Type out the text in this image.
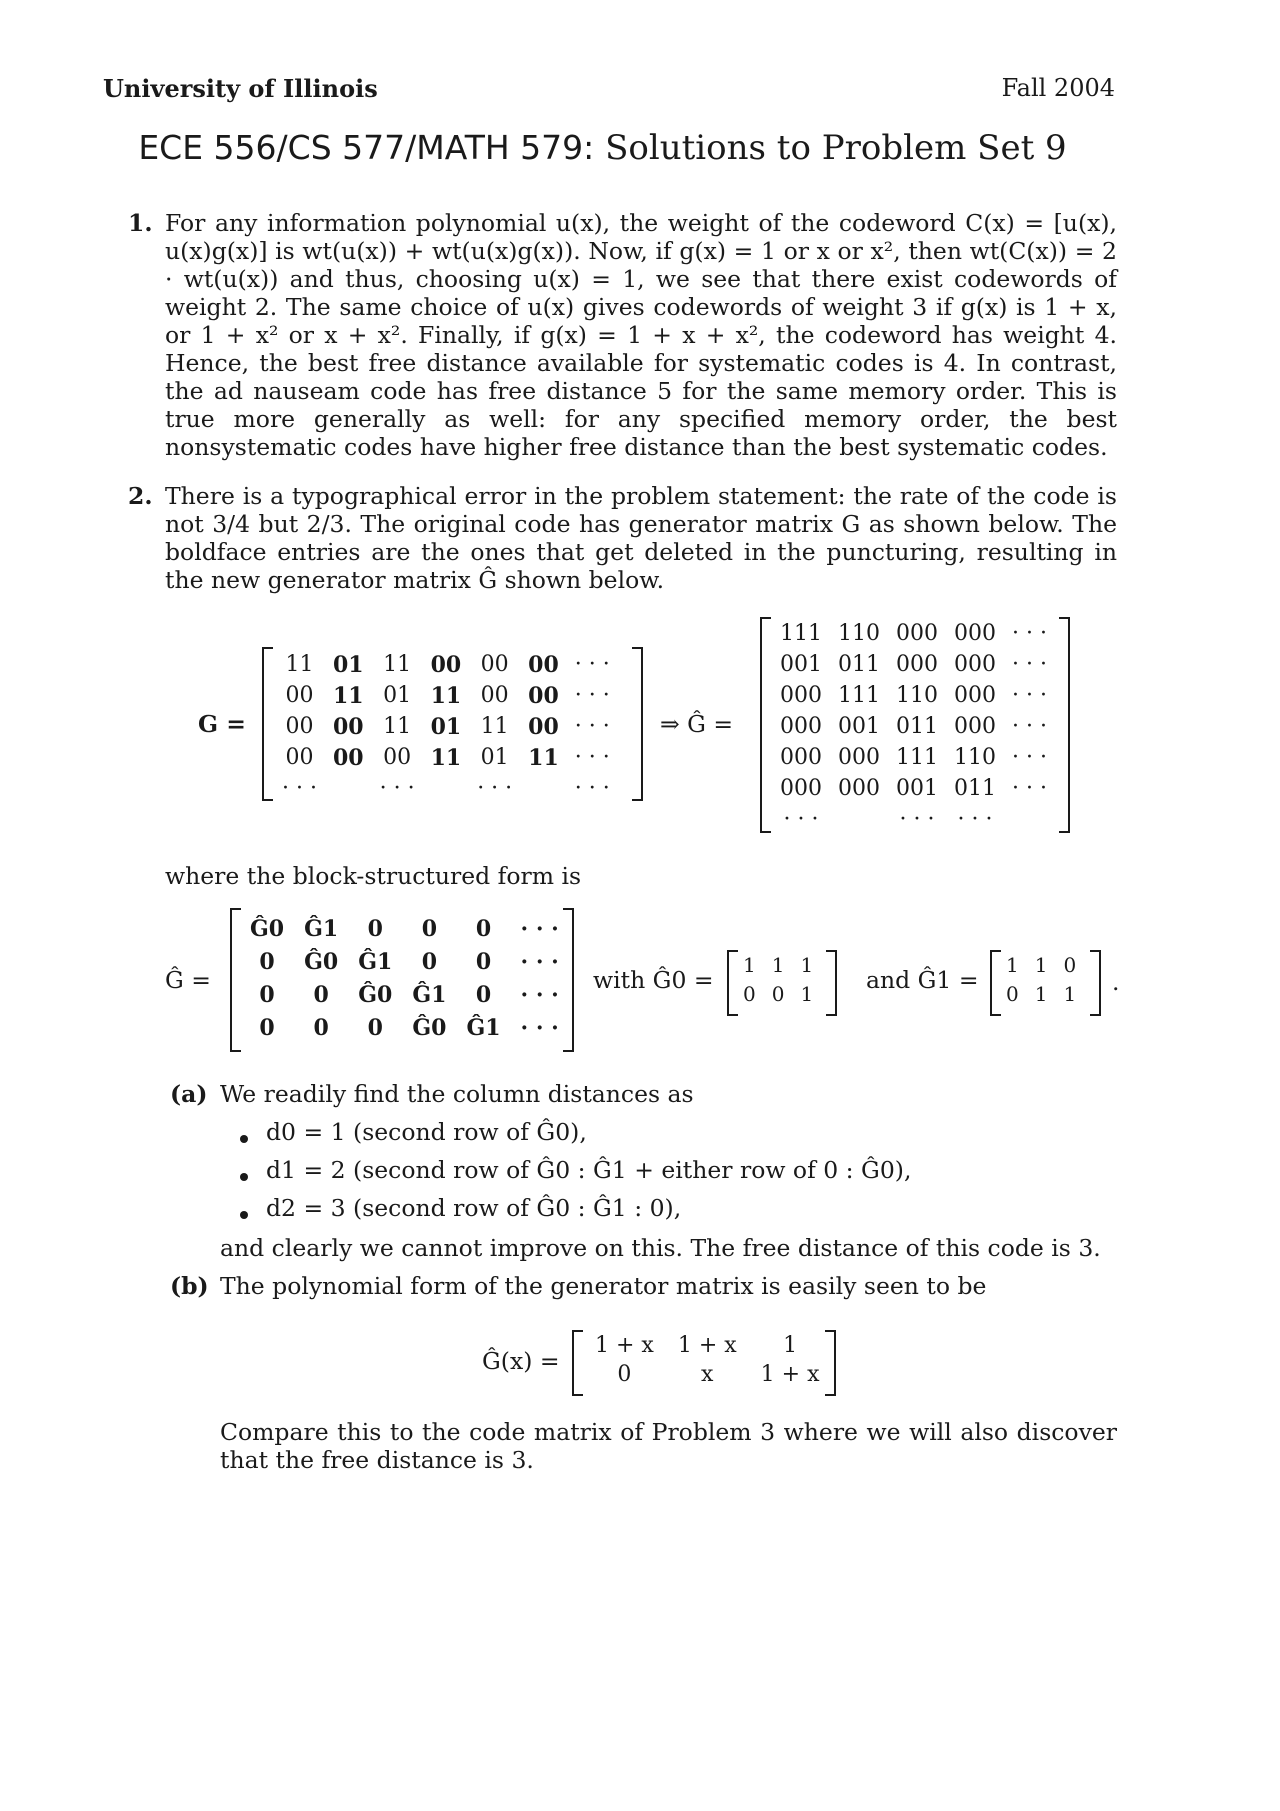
University of Illinois	Fall 2004
ECE 556/CS 577/MATH 579: Solutions to Problem Set 9
1. For any information polynomial u(x), the weight of the codeword C(x) = [u(x), u(x)g(x)] is wt(u(x)) + wt(u(x)g(x)). Now, if g(x) = 1 or x or x², then wt(C(x)) = 2 · wt(u(x)) and thus, choosing u(x) = 1, we see that there exist codewords of weight 2. The same choice of u(x) gives codewords of weight 3 if g(x) is 1 + x, or 1 + x² or x + x². Finally, if g(x) = 1 + x + x², the codeword has weight 4. Hence, the best free distance available for systematic codes is 4. In contrast, the ad nauseam code has free distance 5 for the same memory order. This is true more generally as well: for any specified memory order, the best nonsystematic codes have higher free distance than the best systematic codes.
2. There is a typographical error in the problem statement: the rate of the code is not 3/4 but 2/3. The original code has generator matrix G as shown below. The boldface entries are the ones that get deleted in the puncturing, resulting in the new generator matrix Ĝ shown below.
G =
11	01	11	00	00	00	· · ·
00	11	01	11	00	00	· · ·
00	00	11	01	11	00	· · ·
00	00	00	11	01	11	· · ·
· · ·		· · ·		· · ·		· · ·
⇒ Ĝ =
111	110	000	000	· · ·
001	011	000	000	· · ·
000	111	110	000	· · ·
000	001	011	000	· · ·
000	000	111	110	· · ·
000	000	001	011	· · ·
· · ·		· · ·	· · ·	
where the block-structured form is
Ĝ =
Ĝ0	Ĝ1	0	0	0	· · ·
0	Ĝ0	Ĝ1	0	0	· · ·
0	0	Ĝ0	Ĝ1	0	· · ·
0	0	0	Ĝ0	Ĝ1	· · ·
with Ĝ0 =
1	1	1
0	0	1 and Ĝ1 =
1	1	0
0	1	1 .
(a) We readily find the column distances as
d0 = 1 (second row of Ĝ0),
d1 = 2 (second row of Ĝ0 : Ĝ1 + either row of 0 : Ĝ0),
d2 = 3 (second row of Ĝ0 : Ĝ1 : 0),
and clearly we cannot improve on this. The free distance of this code is 3.
(b) The polynomial form of the generator matrix is easily seen to be
Ĝ(x) =
1 + x	1 + x	1
0	x	1 + x
Compare this to the code matrix of Problem 3 where we will also discover that the free distance is 3.
